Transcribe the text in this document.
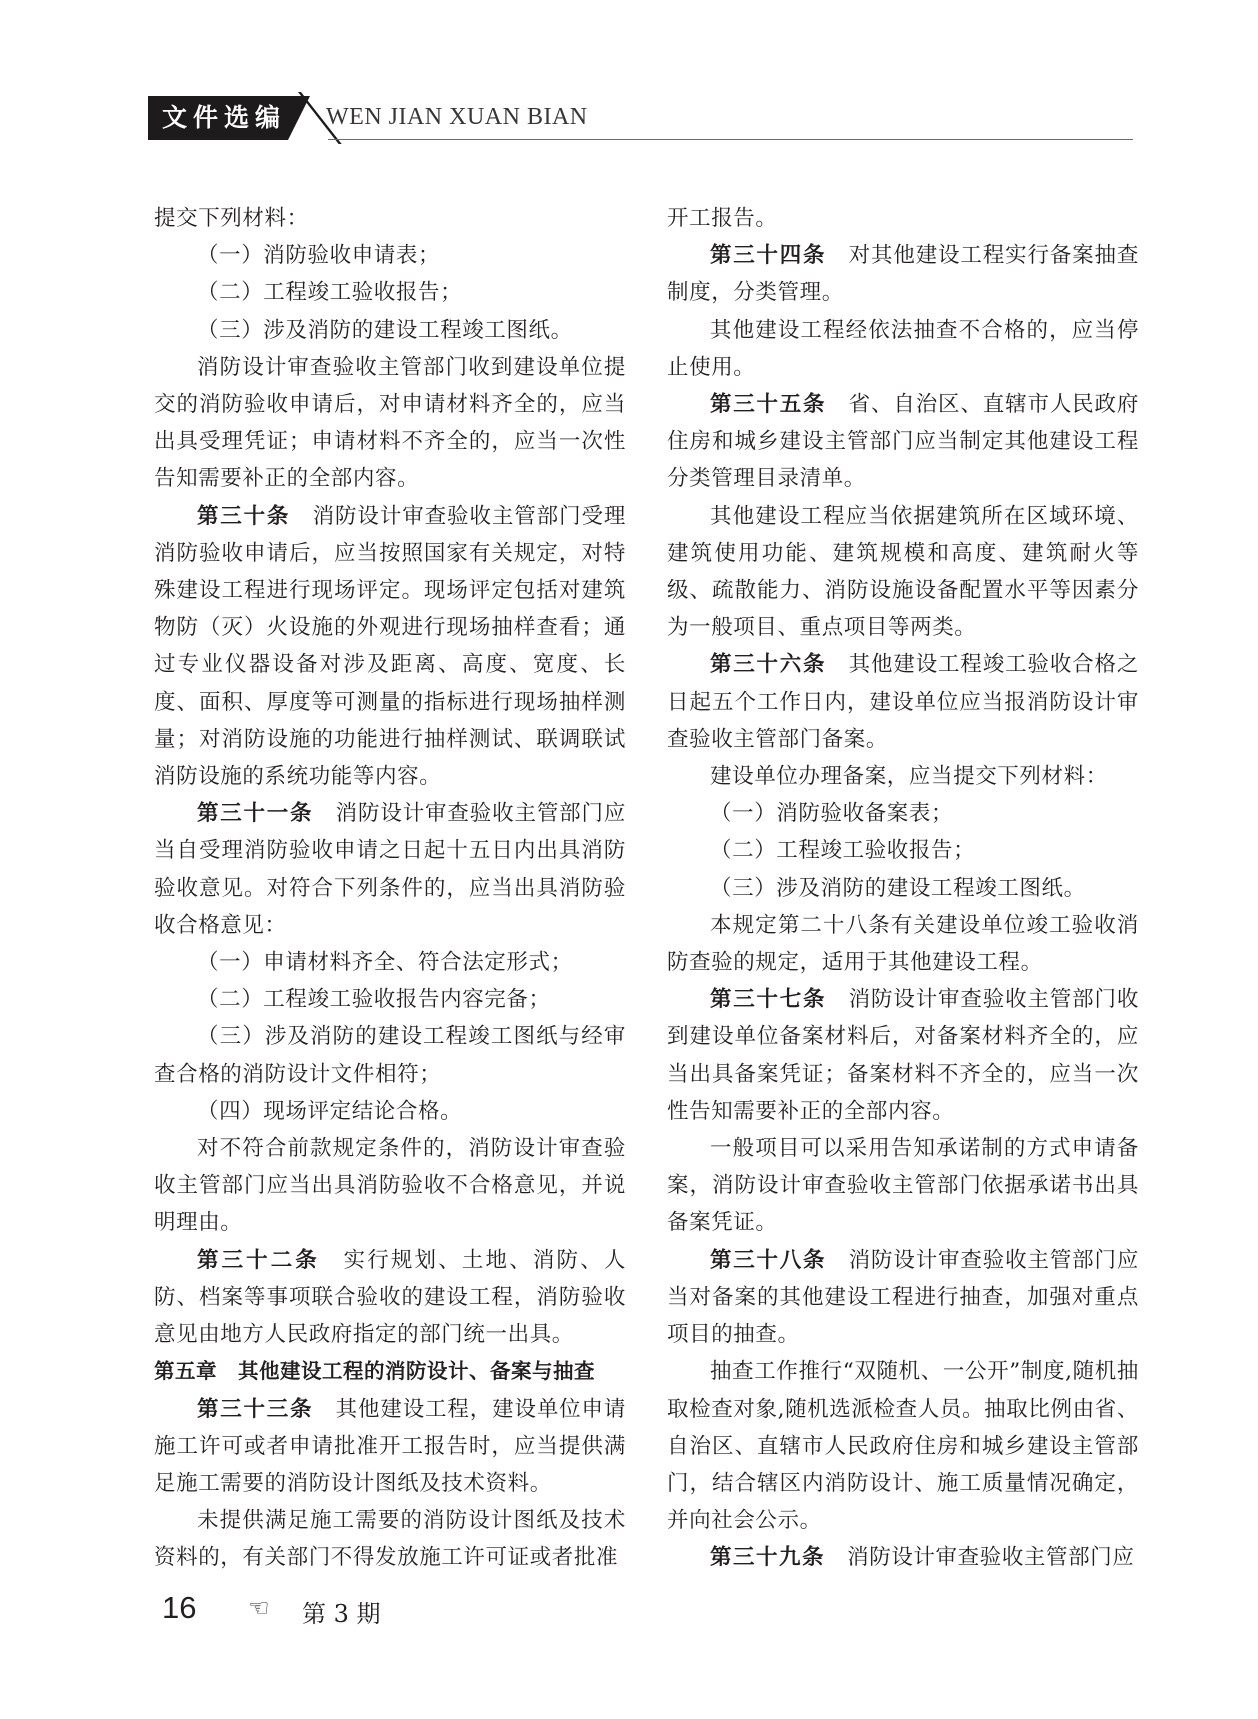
文件选编 WEN JIAN XUAN BIAN

提交下列材料：

（一）消防验收申请表；

（二）工程竣工验收报告；

（三）涉及消防的建设工程竣工图纸。

消防设计审查验收主管部门收到建设单位提交的消防验收申请后，对申请材料齐全的，应当出具受理凭证；申请材料不齐全的，应当一次性告知需要补正的全部内容。

第三十条　 消防设计审查验收主管部门受理消防验收申请后，应当按照国家有关规定，对特殊建设工程进行现场评定。现场评定包括对建筑物防（灭）火设施的外观进行现场抽样查看；通过专业仪器设备对涉及距离、高度、宽度、长度、面积、厚度等可测量的指标进行现场抽样测量；对消防设施的功能进行抽样测试、联调联试消防设施的系统功能等内容。

第三十一条　 消防设计审查验收主管部门应当自受理消防验收申请之日起十五日内出具消防验收意见。对符合下列条件的，应当出具消防验收合格意见：

（一）申请材料齐全、符合法定形式；

（二）工程竣工验收报告内容完备；

（三）涉及消防的建设工程竣工图纸与经审查合格的消防设计文件相符；

（四）现场评定结论合格。

对不符合前款规定条件的，消防设计审查验收主管部门应当出具消防验收不合格意见，并说明理由。

第三十二条　 实行规划、土地、消防、人防、档案等事项联合验收的建设工程，消防验收意见由地方人民政府指定的部门统一出具。

第五章　其他建设工程的消防设计、备案与抽查

第三十三条　 其他建设工程，建设单位申请施工许可或者申请批准开工报告时，应当提供满足施工需要的消防设计图纸及技术资料。

未提供满足施工需要的消防设计图纸及技术资料的，有关部门不得发放施工许可证或者批准

开工报告。

第三十四条　 对其他建设工程实行备案抽查制度，分类管理。

其他建设工程经依法抽查不合格的，应当停止使用。

第三十五条　 省、自治区、直辖市人民政府住房和城乡建设主管部门应当制定其他建设工程分类管理目录清单。

其他建设工程应当依据建筑所在区域环境、建筑使用功能、建筑规模和高度、建筑耐火等级、疏散能力、消防设施设备配置水平等因素分为一般项目、重点项目等两类。

第三十六条　 其他建设工程竣工验收合格之日起五个工作日内，建设单位应当报消防设计审查验收主管部门备案。

建设单位办理备案，应当提交下列材料：

（一）消防验收备案表；

（二）工程竣工验收报告；

（三）涉及消防的建设工程竣工图纸。

本规定第二十八条有关建设单位竣工验收消防查验的规定，适用于其他建设工程。

第三十七条　 消防设计审查验收主管部门收到建设单位备案材料后，对备案材料齐全的，应当出具备案凭证；备案材料不齐全的，应当一次性告知需要补正的全部内容。

一般项目可以采用告知承诺制的方式申请备案，消防设计审查验收主管部门依据承诺书出具备案凭证。

第三十八条　 消防设计审查验收主管部门应当对备案的其他建设工程进行抽查，加强对重点项目的抽查。

抽查工作推行“双随机、一公开”制度,随机抽取检查对象,随机选派检查人员。抽取比例由省、自治区、直辖市人民政府住房和城乡建设主管部门，结合辖区内消防设计、施工质量情况确定，并向社会公示。

第三十九条　 消防设计审查验收主管部门应

16 ☜ 第 3 期
